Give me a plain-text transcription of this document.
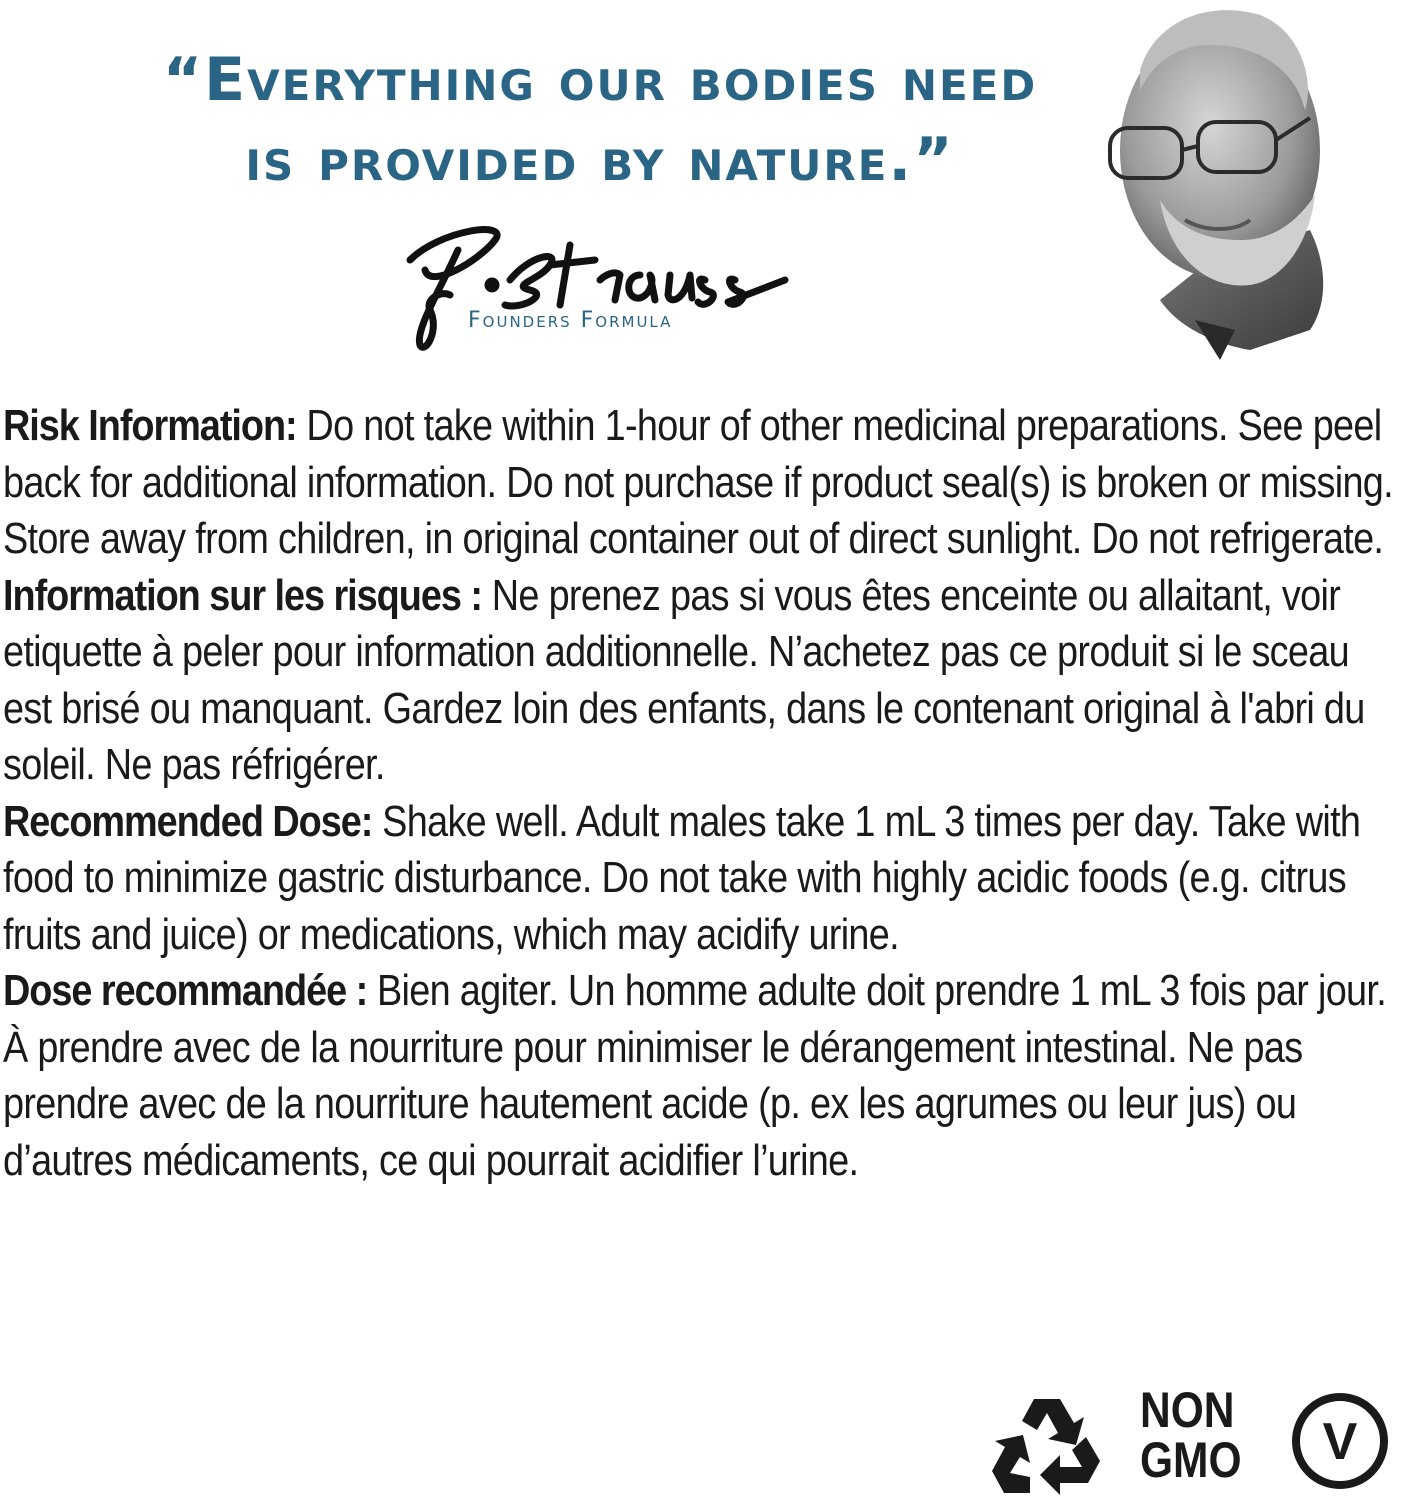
“Everything our bodies need
is provided by nature.”
Founders Formula

Risk Information: Do not take within 1-hour of other medicinal preparations. See peel back for additional information. Do not purchase if product seal(s) is broken or missing. Store away from children, in original container out of direct sunlight. Do not refrigerate.

Information sur les risques : Ne prenez pas si vous êtes enceinte ou allaitant, voir etiquette à peler pour information additionnelle. N’achetez pas ce produit si le sceau est brisé ou manquant. Gardez loin des enfants, dans le contenant original à l'abri du soleil. Ne pas réfrigérer.

Recommended Dose: Shake well. Adult males take 1 mL 3 times per day. Take with food to minimize gastric disturbance. Do not take with highly acidic foods (e.g. citrus fruits and juice) or medications, which may acidify urine.

Dose recommandée : Bien agiter. Un homme adulte doit prendre 1 mL 3 fois par jour. À prendre avec de la nourriture pour minimiser le dérangement intestinal. Ne pas prendre avec de la nourriture hautement acide (p. ex les agrumes ou leur jus) ou d’autres médicaments, ce qui pourrait acidifier l’urine.

NON
GMO V
